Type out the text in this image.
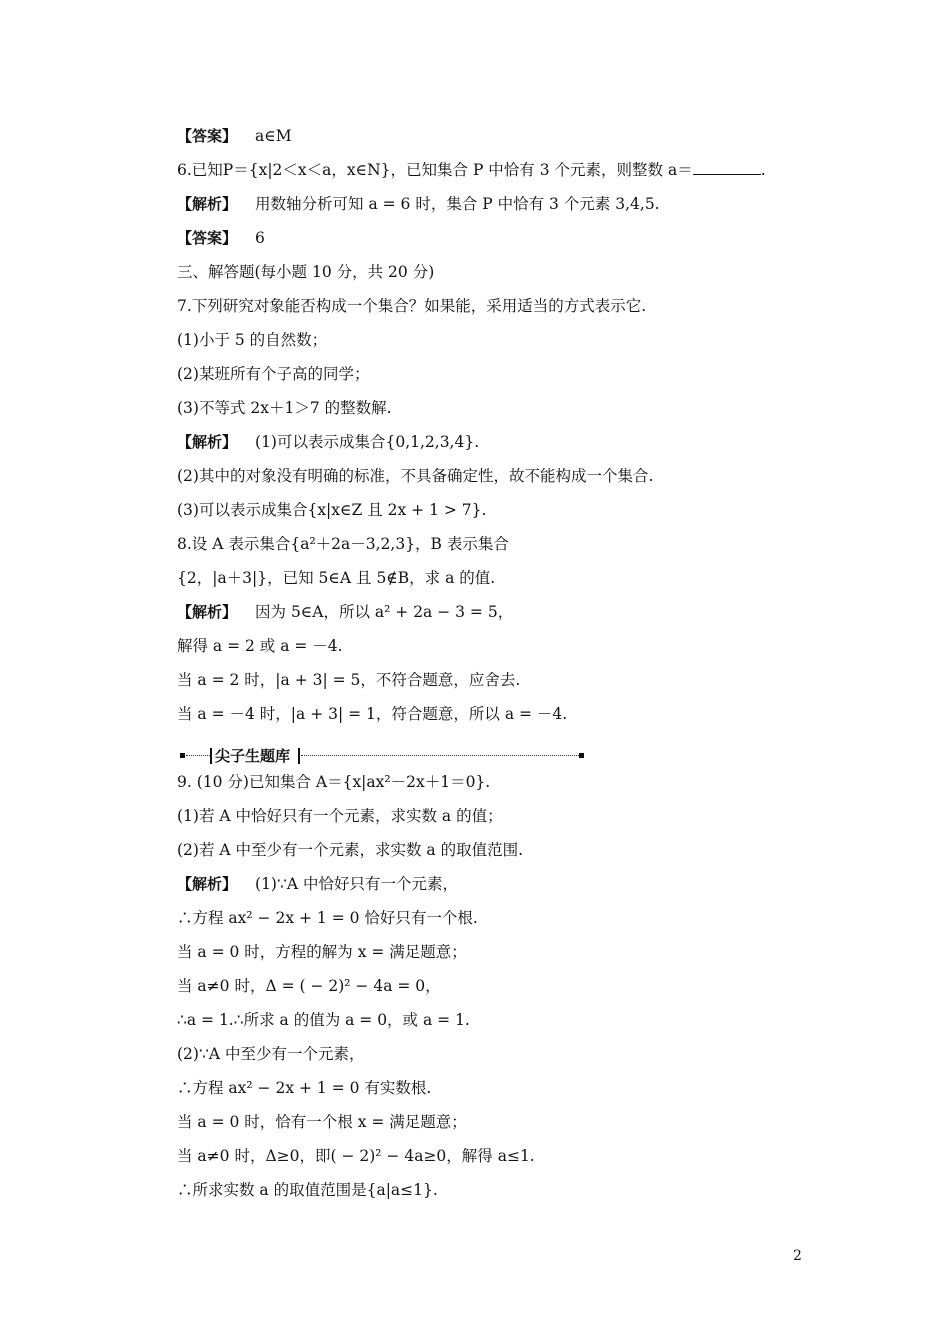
【答案】 a∈M
6.已知P＝{x|2＜x＜a，x∈N}，已知集合 P 中恰有 3 个元素，则整数 a＝	.
【解析】 用数轴分析可知 a = 6 时，集合 P 中恰有 3 个元素 3,4,5.
【答案】 6
三、解答题(每小题 10 分，共 20 分)
7.下列研究对象能否构成一个集合？如果能，采用适当的方式表示它.
(1)小于 5 的自然数；
(2)某班所有个子高的同学；
(3)不等式 2x＋1＞7 的整数解.
【解析】 (1)可以表示成集合{0,1,2,3,4}.
(2)其中的对象没有明确的标准，不具备确定性，故不能构成一个集合.
(3)可以表示成集合{x|x∈Z 且 2x + 1 > 7}.
8.设 A 表示集合{a²＋2a－3,2,3}，B 表示集合
{2，|a＋3|}，已知 5∈A 且 5∉B，求 a 的值.
【解析】 因为 5∈A，所以 a² + 2a − 3 = 5，
解得 a = 2 或 a = －4.
当 a = 2 时，|a + 3| = 5，不符合题意，应舍去.
当 a = －4 时，|a + 3| = 1，符合题意，所以 a = －4.
9. (10 分)已知集合 A＝{x|ax²－2x＋1＝0}.
(1)若 A 中恰好只有一个元素，求实数 a 的值；
(2)若 A 中至少有一个元素，求实数 a 的取值范围.
【解析】 (1)∵A 中恰好只有一个元素，
∴方程 ax² − 2x + 1 = 0 恰好只有一个根.
当 a = 0 时，方程的解为 x = 满足题意；
当 a≠0 时，Δ = ( − 2)² − 4a = 0，
∴a = 1.∴所求 a 的值为 a = 0，或 a = 1.
(2)∵A 中至少有一个元素，
∴方程 ax² − 2x + 1 = 0 有实数根.
当 a = 0 时，恰有一个根 x = 满足题意；
当 a≠0 时，Δ≥0，即( − 2)² − 4a≥0，解得 a≤1.
∴所求实数 a 的取值范围是{a|a≤1}.
尖子生题库
2
